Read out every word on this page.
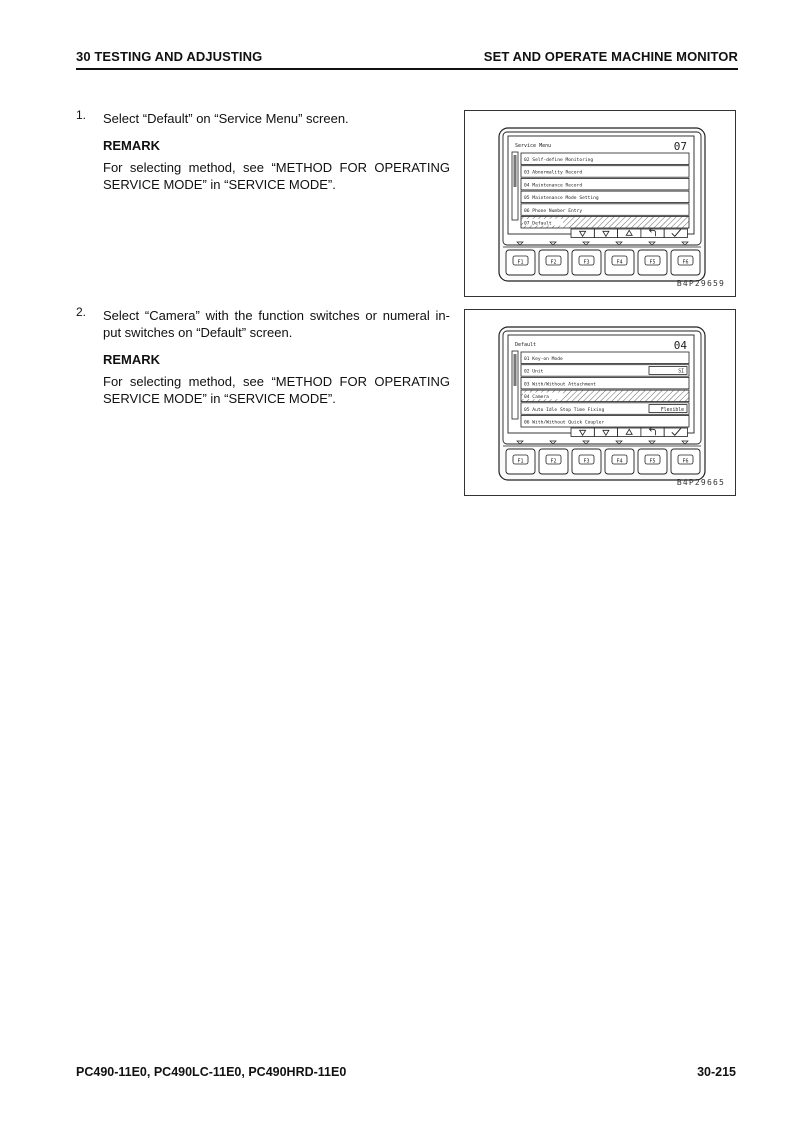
30 TESTING AND ADJUSTING	SET AND OPERATE MACHINE MONITOR
1. Select “Default” on “Service Menu” screen.
REMARK
For selecting method, see “METHOD FOR OPERATING SERVICE MODE” in “SERVICE MODE”.
2. Select “Camera” with the function switches or numeral in-put switches on “Default” screen.
REMARK
For selecting method, see “METHOD FOR OPERATING SERVICE MODE” in “SERVICE MODE”.
Service Menu	07
02 Self-define Monitoring
03 Abnormality Record
04 Maintenance Record
05 Maintenance Mode Setting
06 Phone Number Entry
07 Default
F1	F2	F3	F4	F5	F6
B4P29659
Default	04
01 Key-on Mode
02 Unit	SI
03 With/Without Attachment
04 Camera
05 Auto Idle Stop Time Fixing	Flexible
06 With/Without Quick Coupler
F1	F2	F3	F4	F5	F6
B4P29665
PC490-11E0, PC490LC-11E0, PC490HRD-11E0	30-215
